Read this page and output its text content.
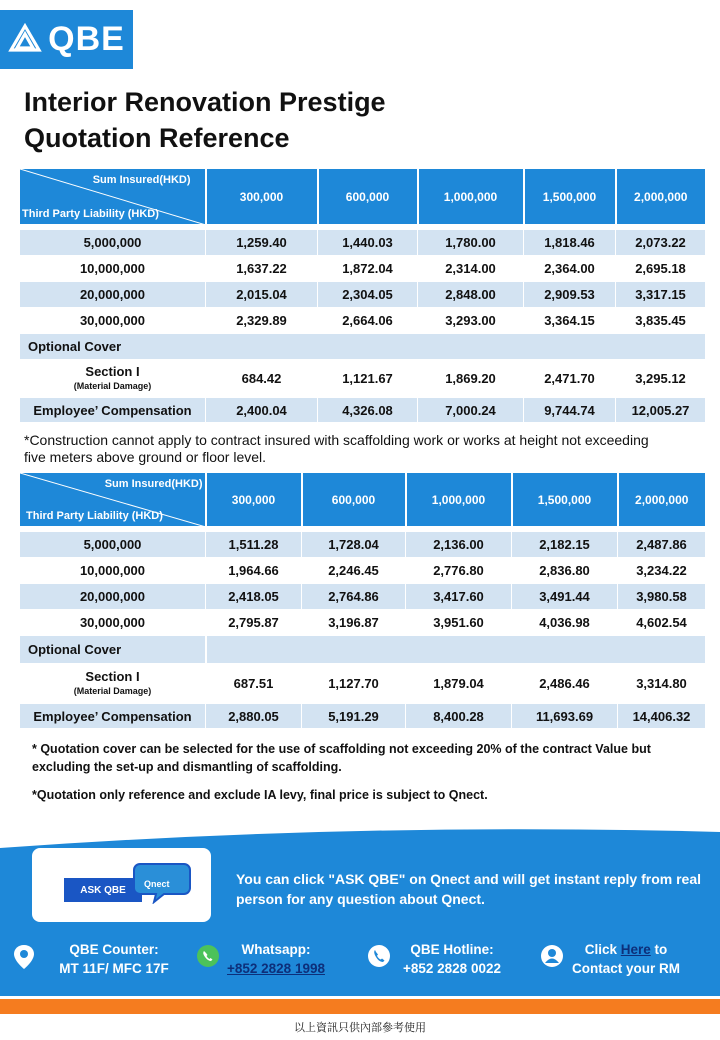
QBE
Interior Renovation Prestige
Quotation Reference
Sum Insured(HKD)
Third Party Liability (HKD)	300,000	600,000	1,000,000	1,500,000	2,000,000

5,000,000	1,259.40	1,440.03	1,780.00	1,818.46	2,073.22
10,000,000	1,637.22	1,872.04	2,314.00	2,364.00	2,695.18
20,000,000	2,015.04	2,304.05	2,848.00	2,909.53	3,317.15
30,000,000	2,329.89	2,664.06	3,293.00	3,364.15	3,835.45
Optional Cover					
Section I
(Material Damage)	684.42	1,121.67	1,869.20	2,471.70	3,295.12
Employee’ Compensation	2,400.04	4,326.08	7,000.24	9,744.74	12,005.27
*Construction cannot apply to contract insured with scaffolding work or works at height not exceeding five meters above ground or floor level.
Sum Insured(HKD)
Third Party Liability (HKD)	300,000	600,000	1,000,000	1,500,000	2,000,000

5,000,000	1,511.28	1,728.04	2,136.00	2,182.15	2,487.86
10,000,000	1,964.66	2,246.45	2,776.80	2,836.80	3,234.22
20,000,000	2,418.05	2,764.86	3,417.60	3,491.44	3,980.58
30,000,000	2,795.87	3,196.87	3,951.60	4,036.98	4,602.54
Optional Cover					
Section I
(Material Damage)	687.51	1,127.70	1,879.04	2,486.46	3,314.80
Employee’ Compensation	2,880.05	5,191.29	8,400.28	11,693.69	14,406.32
* Quotation cover can be selected for the use of scaffolding not exceeding 20% of the contract Value but excluding the set-up and dismantling of scaffolding.
*Quotation only reference and exclude IA levy, final price is subject to Qnect.
ASK QBE
Qnect	You can click "ASK QBE" on Qnect and will get instant reply from real person for any question about Qnect.
QBE Counter:
MT 11F/ MFC 17F
Whatsapp:
+852 2828 1998
QBE Hotline:
+852 2828 0022
Click Here to
Contact your RM
以上資訊只供內部參考使用
